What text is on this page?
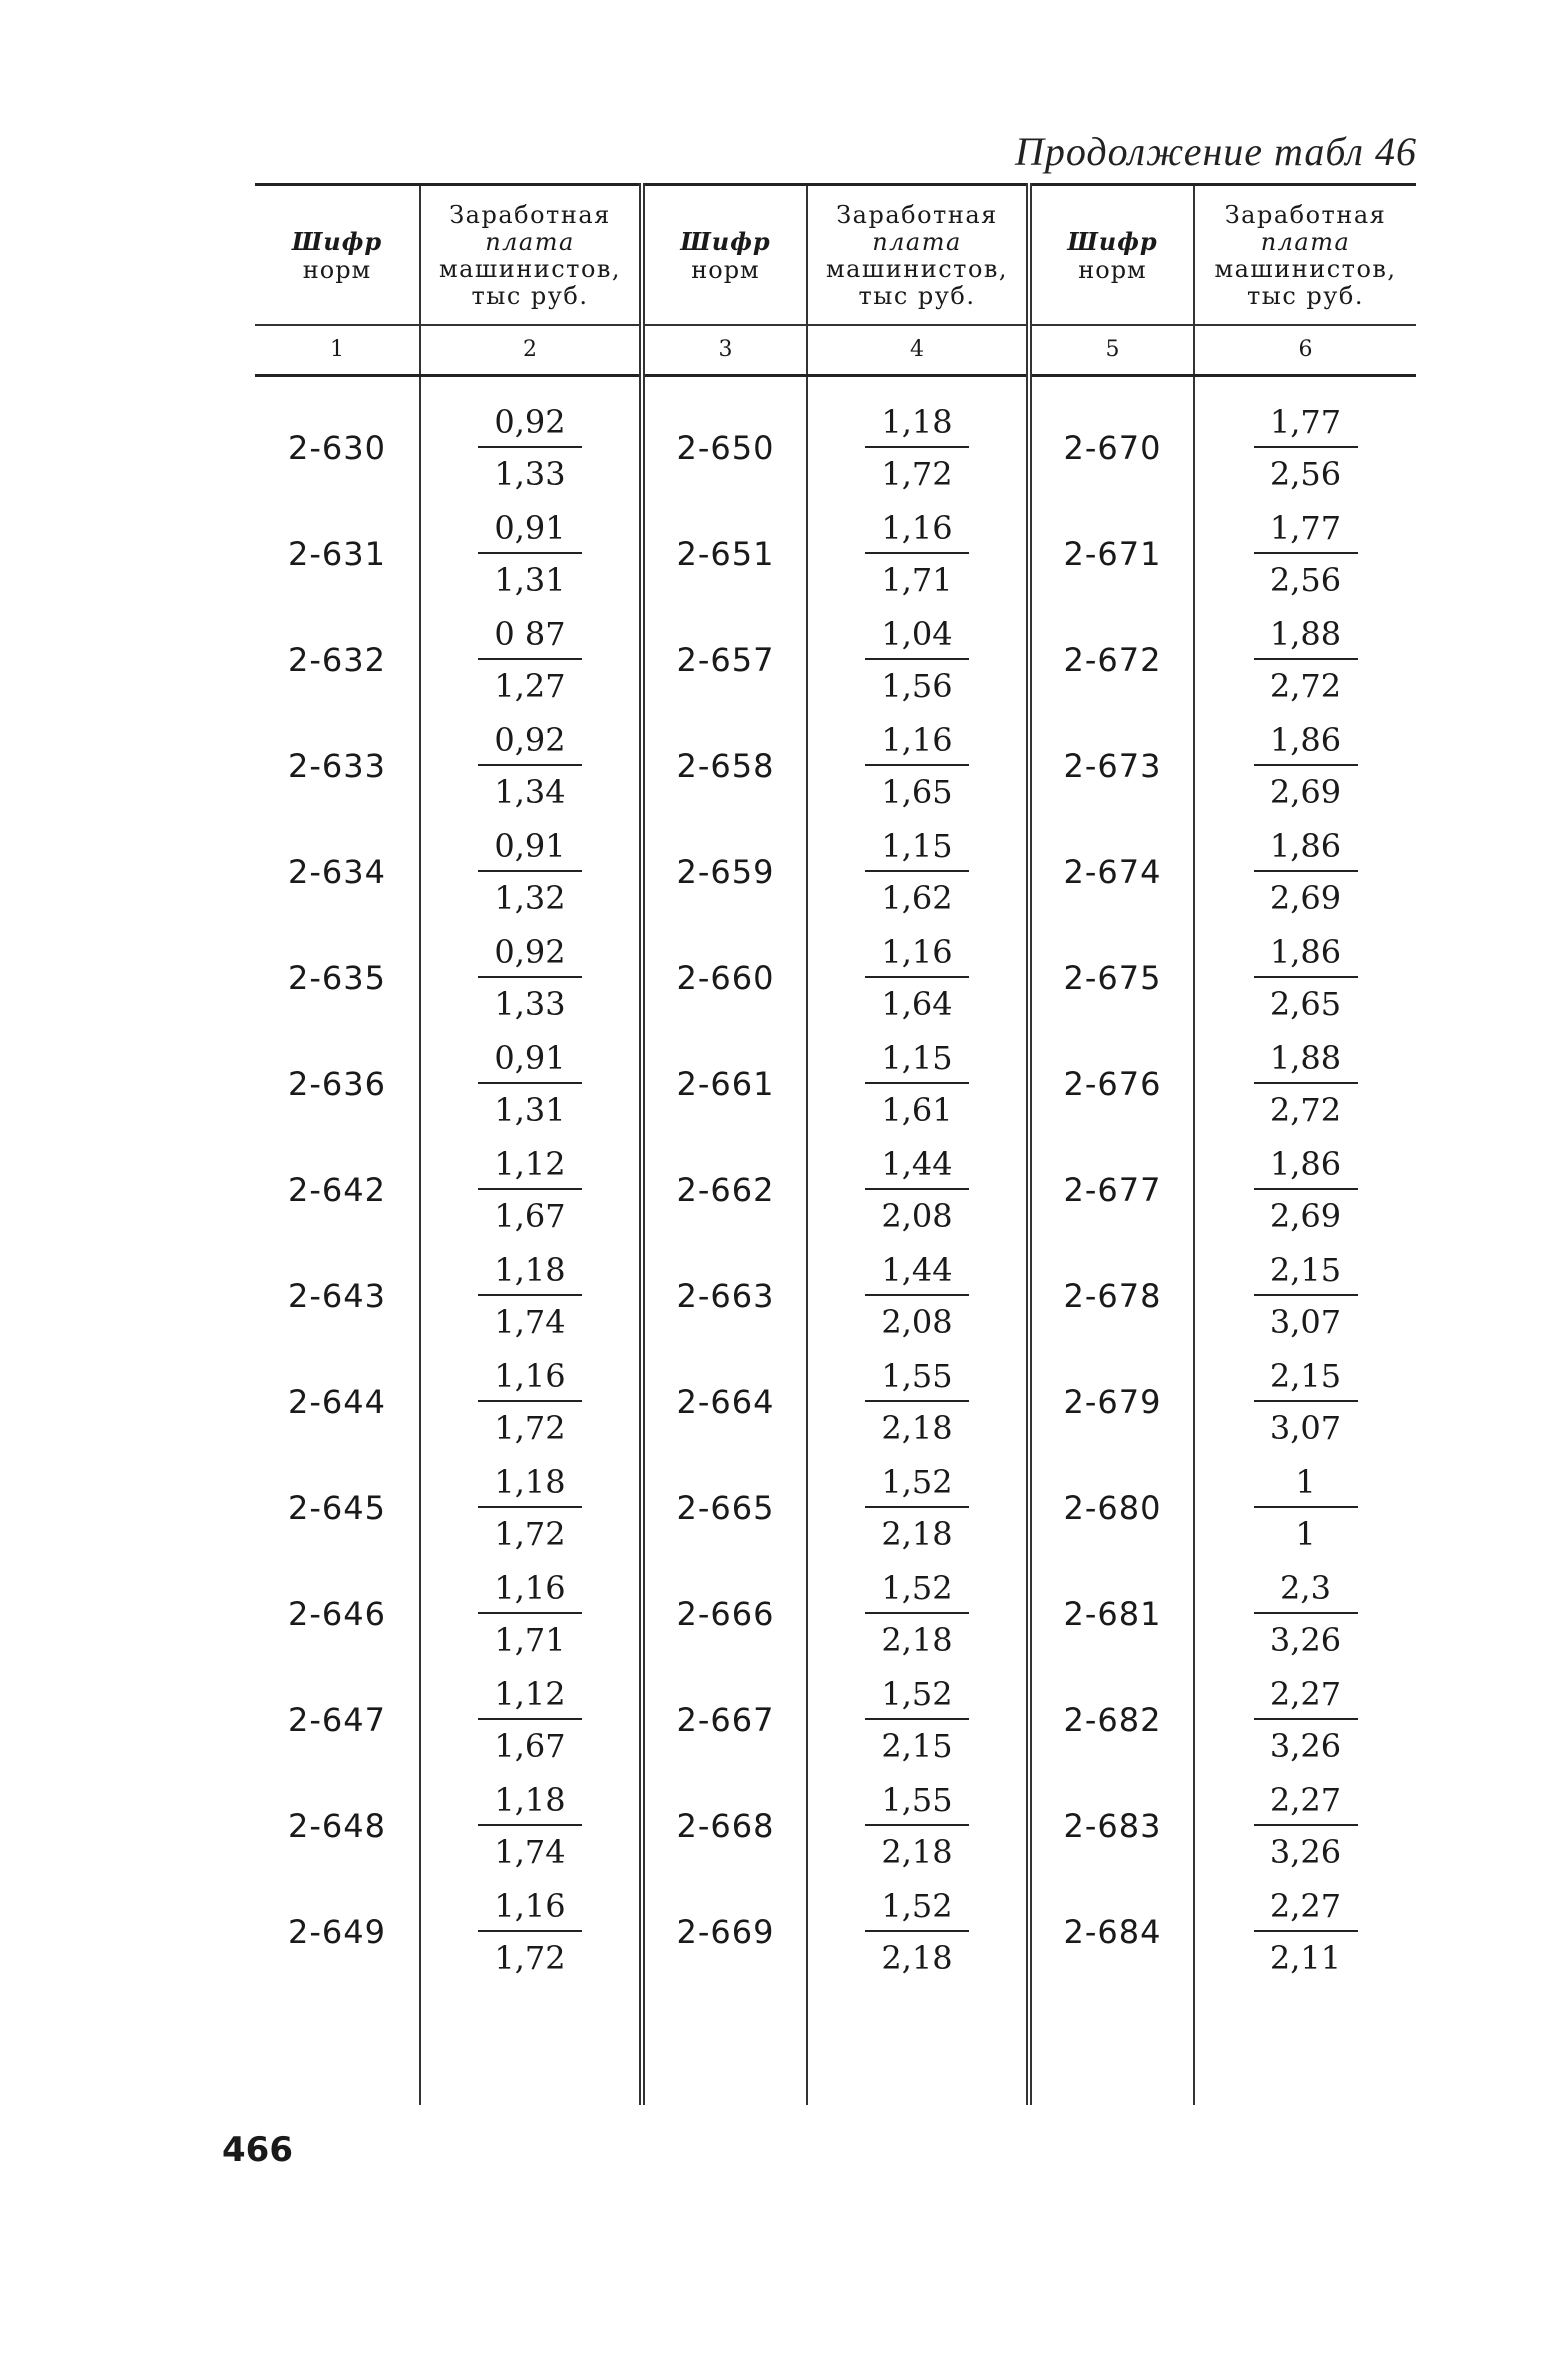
Продолжение табл 46
Шифр
норм	Заработная
плата
машинистов,
тыс руб.	Шифр
норм	Заработная
плата
машинистов,
тыс руб.	Шифр
норм	Заработная
плата
машинистов,
тыс руб.

1	2	3	4	5	6
2-630	$\frac{0,92}{1,33}$	2-650	$\frac{1,18}{1,72}$	2-670	$\frac{1,77}{2,56}$

2-631	$\frac{0,91}{1,31}$	2-651	$\frac{1,16}{1,71}$	2-671	$\frac{1,77}{2,56}$

2-632	$\frac{0 87}{1,27}$	2-657	$\frac{1,04}{1,56}$	2-672	$\frac{1,88}{2,72}$

2-633	$\frac{0,92}{1,34}$	2-658	$\frac{1,16}{1,65}$	2-673	$\frac{1,86}{2,69}$

2-634	$\frac{0,91}{1,32}$	2-659	$\frac{1,15}{1,62}$	2-674	$\frac{1,86}{2,69}$

2-635	$\frac{0,92}{1,33}$	2-660	$\frac{1,16}{1,64}$	2-675	$\frac{1,86}{2,65}$

2-636	$\frac{0,91}{1,31}$	2-661	$\frac{1,15}{1,61}$	2-676	$\frac{1,88}{2,72}$

2-642	$\frac{1,12}{1,67}$	2-662	$\frac{1,44}{2,08}$	2-677	$\frac{1,86}{2,69}$

2-643	$\frac{1,18}{1,74}$	2-663	$\frac{1,44}{2,08}$	2-678	$\frac{2,15}{3,07}$

2-644	$\frac{1,16}{1,72}$	2-664	$\frac{1,55}{2,18}$	2-679	$\frac{2,15}{3,07}$

2-645	$\frac{1,18}{1,72}$	2-665	$\frac{1,52}{2,18}$	2-680	$\frac{1}{1}$

2-646	$\frac{1,16}{1,71}$	2-666	$\frac{1,52}{2,18}$	2-681	$\frac{2,3}{3,26}$

2-647	$\frac{1,12}{1,67}$	2-667	$\frac{1,52}{2,15}$	2-682	$\frac{2,27}{3,26}$

2-648	$\frac{1,18}{1,74}$	2-668	$\frac{1,55}{2,18}$	2-683	$\frac{2,27}{3,26}$

2-649	$\frac{1,16}{1,72}$	2-669	$\frac{1,52}{2,18}$	2-684	$\frac{2,27}{2,11}$

466
